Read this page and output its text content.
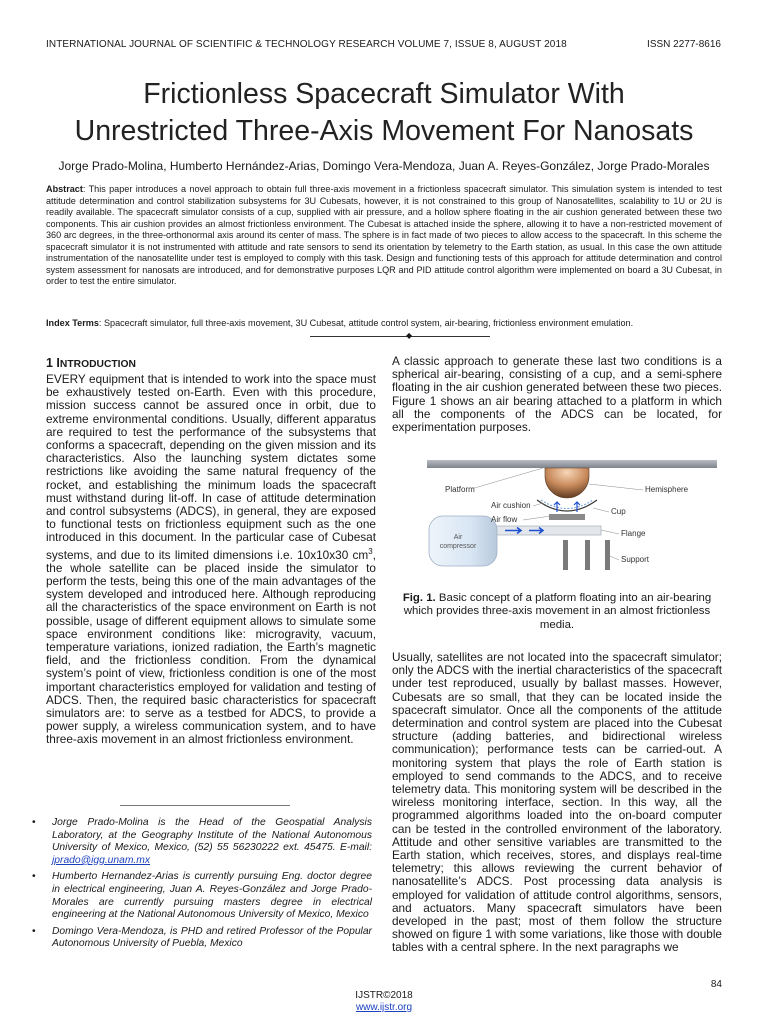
INTERNATIONAL JOURNAL OF SCIENTIFIC & TECHNOLOGY RESEARCH VOLUME 7, ISSUE 8, AUGUST 2018	ISSN 2277-8616
Frictionless Spacecraft Simulator With
Unrestricted Three-Axis Movement For Nanosats
Jorge Prado-Molina, Humberto Hernández-Arias, Domingo Vera-Mendoza, Juan A. Reyes-González, Jorge Prado-Morales
Abstract: This paper introduces a novel approach to obtain full three-axis movement in a frictionless spacecraft simulator. This simulation system is intended to test attitude determination and control stabilization subsystems for 3U Cubesats, however, it is not constrained to this group of Nanosatellites, scalability to 1U or 2U is readily available. The spacecraft simulator consists of a cup, supplied with air pressure, and a hollow sphere floating in the air cushion generated between these two components. This air cushion provides an almost frictionless environment. The Cubesat is attached inside the sphere, allowing it to have a non-restricted movement of 360 arc degrees, in the three-orthonormal axis around its center of mass. The sphere is in fact made of two pieces to allow access to the spacecraft. In this scheme the spacecraft simulator it is not instrumented with attitude and rate sensors to send its orientation by telemetry to the Earth station, as usual. In this case the own attitude instrumentation of the nanosatellite under test is employed to comply with this task. Design and functioning tests of this approach for attitude determination and control system assessment for nanosats are introduced, and for demonstrative purposes LQR and PID attitude control algorithm were implemented on board a 3U Cubesat, in order to test the entire simulator.
Index Terms: Spacecraft simulator, full three-axis movement, 3U Cubesat, attitude control system, air-bearing, frictionless environment emulation.
◆
1 INTRODUCTION

EVERY equipment that is intended to work into the space must be exhaustively tested on-Earth. Even with this procedure, mission success cannot be assured once in orbit, due to extreme environmental conditions. Usually, different apparatus are required to test the performance of the subsystems that conforms a spacecraft, depending on the given mission and its characteristics. Also the launching system dictates some restrictions like avoiding the same natural frequency of the rocket, and establishing the minimum loads the spacecraft must withstand during lit-off. In case of attitude determination and control subsystems (ADCS), in general, they are exposed to functional tests on frictionless equipment such as the one introduced in this document. In the particular case of Cubesat systems, and due to its limited dimensions i.e. 10x10x30 $cm^3$, the whole satellite can be placed inside the simulator to perform the tests, being this one of the main advantages of the system developed and introduced here. Although reproducing all the characteristics of the space environment on Earth is not possible, usage of different equipment allows to simulate some space environment conditions like: microgravity, vacuum, temperature variations, ionized radiation, the Earth’s magnetic field, and the frictionless condition. From the dynamical system’s point of view, frictionless condition is one of the most important characteristics employed for validation and testing of ADCS. Then, the required basic characteristics for spacecraft simulators are: to serve as a testbed for ADCS, to provide a power supply, a wireless communication system, and to have three-axis movement in an almost frictionless environment.

•	Jorge Prado-Molina is the Head of the Geospatial Analysis Laboratory, at the Geography Institute of the National Autonomous University of Mexico, Mexico, (52) 55 56230222 ext. 45475. E-mail: jprado@igg.unam.mx
•	Humberto Hernandez-Arias is currently pursuing Eng. doctor degree in electrical engineering, Juan A. Reyes-González and Jorge Prado- Morales are currently pursuing masters degree in electrical engineering at the National Autonomous University of Mexico, Mexico
•	Domingo Vera-Mendoza, is PHD and retired Professor of the Popular Autonomous University of Puebla, Mexico

A classic approach to generate these last two conditions is a spherical air-bearing, consisting of a cup, and a semi-sphere floating in the air cushion generated between these two pieces. Figure 1 shows an air bearing attached to a platform in which all the components of the ADCS can be located, for experimentation purposes.

Air
compressor
Platform	Hemisphere
Air cushion
Cup
Air flow
Flange
Support
Fig. 1. Basic concept of a platform floating into an air-bearing which provides three-axis movement in an almost frictionless media.

Usually, satellites are not located into the spacecraft simulator; only the ADCS with the inertial characteristics of the spacecraft under test reproduced, usually by ballast masses. However, Cubesats are so small, that they can be located inside the spacecraft simulator. Once all the components of the attitude determination and control system are placed into the Cubesat structure (adding batteries, and bidirectional wireless communication); performance tests can be carried-out. A monitoring system that plays the role of Earth station is employed to send commands to the ADCS, and to receive telemetry data. This monitoring system will be described in the wireless monitoring interface, section. In this way, all the programmed algorithms loaded into the on-board computer can be tested in the controlled environment of the laboratory. Attitude and other sensitive variables are transmitted to the Earth station, which receives, stores, and displays real-time telemetry; this allows reviewing the current behavior of nanosatellite’s ADCS. Post processing data analysis is employed for validation of attitude control algorithms, sensors, and actuators. Many spacecraft simulators have been developed in the past; most of them follow the structure showed on figure 1 with some variations, like those with double tables with a central sphere. In the next paragraphs we

84
IJSTR©2018
www.ijstr.org
